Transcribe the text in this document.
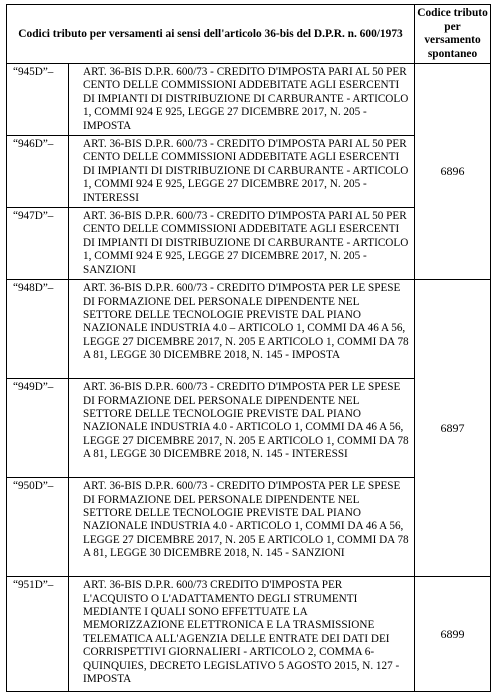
Codici tributo per versamenti ai sensi dell'articolo 36-bis del D.P.R. n. 600/1973		Codice tributo per versamento spontaneo
“945D”–	ART. 36-BIS D.P.R. 600/73 - CREDITO D'IMPOSTA PARI AL 50 PER CENTO DELLE COMMISSIONI ADDEBITATE AGLI ESERCENTI DI IMPIANTI DI DISTRIBUZIONE DI CARBURANTE - ARTICOLO 1, COMMI 924 E 925, LEGGE 27 DICEMBRE 2017, N. 205 - IMPOSTA	6896
“946D”–	ART. 36-BIS D.P.R. 600/73 - CREDITO D'IMPOSTA PARI AL 50 PER CENTO DELLE COMMISSIONI ADDEBITATE AGLI ESERCENTI DI IMPIANTI DI DISTRIBUZIONE DI CARBURANTE - ARTICOLO 1, COMMI 924 E 925, LEGGE 27 DICEMBRE 2017, N. 205 - INTERESSI	
“947D”–	ART. 36-BIS D.P.R. 600/73 - CREDITO D'IMPOSTA PARI AL 50 PER CENTO DELLE COMMISSIONI ADDEBITATE AGLI ESERCENTI DI IMPIANTI DI DISTRIBUZIONE DI CARBURANTE - ARTICOLO 1, COMMI 924 E 925, LEGGE 27 DICEMBRE 2017, N. 205 - SANZIONI	
“948D”–	ART. 36-BIS D.P.R. 600/73 - CREDITO D'IMPOSTA PER LE SPESE DI FORMAZIONE DEL PERSONALE DIPENDENTE NEL SETTORE DELLE TECNOLOGIE PREVISTE DAL PIANO NAZIONALE INDUSTRIA 4.0 – ARTICOLO 1, COMMI DA 46 A 56, LEGGE 27 DICEMBRE 2017, N. 205 E ARTICOLO 1, COMMI DA 78 A 81, LEGGE 30 DICEMBRE 2018, N. 145 - IMPOSTA	6897
“949D”–	ART. 36-BIS D.P.R. 600/73 - CREDITO D'IMPOSTA PER LE SPESE DI FORMAZIONE DEL PERSONALE DIPENDENTE NEL SETTORE DELLE TECNOLOGIE PREVISTE DAL PIANO NAZIONALE INDUSTRIA 4.0 - ARTICOLO 1, COMMI DA 46 A 56, LEGGE 27 DICEMBRE 2017, N. 205 E ARTICOLO 1, COMMI DA 78 A 81, LEGGE 30 DICEMBRE 2018, N. 145 - INTERESSI	
“950D”–	ART. 36-BIS D.P.R. 600/73 - CREDITO D'IMPOSTA PER LE SPESE DI FORMAZIONE DEL PERSONALE DIPENDENTE NEL SETTORE DELLE TECNOLOGIE PREVISTE DAL PIANO NAZIONALE INDUSTRIA 4.0 - ARTICOLO 1, COMMI DA 46 A 56, LEGGE 27 DICEMBRE 2017, N. 205 E ARTICOLO 1, COMMI DA 78 A 81, LEGGE 30 DICEMBRE 2018, N. 145 - SANZIONI	
“951D”–	ART. 36-BIS D.P.R. 600/73 CREDITO D'IMPOSTA PER L'ACQUISTO O L'ADATTAMENTO DEGLI STRUMENTI MEDIANTE I QUALI SONO EFFETTUATE LA MEMORIZZAZIONE ELETTRONICA E LA TRASMISSIONE TELEMATICA ALL'AGENZIA DELLE ENTRATE DEI DATI DEI CORRISPETTIVI GIORNALIERI - ARTICOLO 2, COMMA 6-QUINQUIES, DECRETO LEGISLATIVO 5 AGOSTO 2015, N. 127 - IMPOSTA	6899
